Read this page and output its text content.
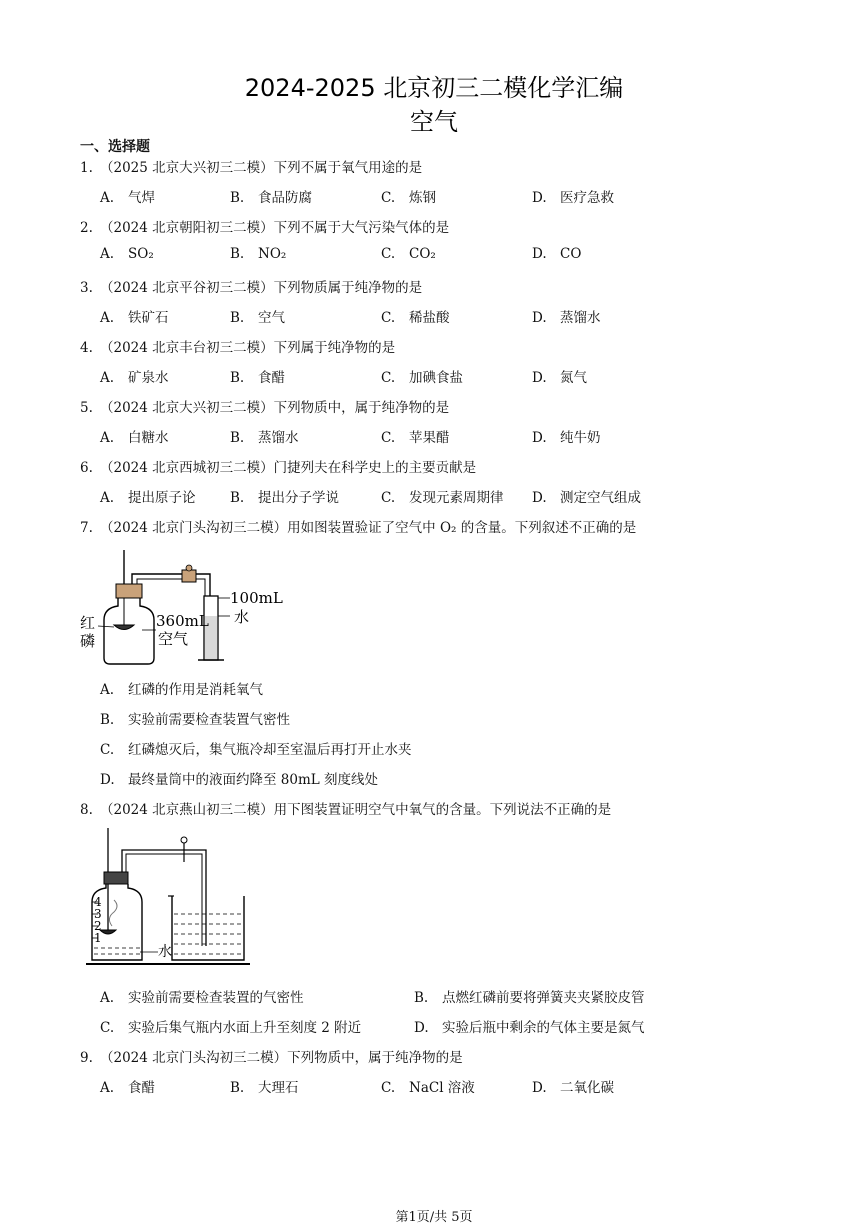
2024-2025 北京初三二模化学汇编
空气
一、选择题
1. （2025 北京大兴初三二模）下列不属于氧气用途的是
A. 气焊	B. 食品防腐	C. 炼钢	D. 医疗急救
2. （2024 北京朝阳初三二模）下列不属于大气污染气体的是
A. SO₂	B. NO₂	C. CO₂	D. CO
3. （2024 北京平谷初三二模）下列物质属于纯净物的是
A. 铁矿石	B. 空气	C. 稀盐酸	D. 蒸馏水
4. （2024 北京丰台初三二模）下列属于纯净物的是
A. 矿泉水	B. 食醋	C. 加碘食盐	D. 氮气
5. （2024 北京大兴初三二模）下列物质中，属于纯净物的是
A. 白糖水	B. 蒸馏水	C. 苹果醋	D. 纯牛奶
6. （2024 北京西城初三二模）门捷列夫在科学史上的主要贡献是
A. 提出原子论	B. 提出分子学说	C. 发现元素周期律 D. 测定空气组成
7. （2024 北京门头沟初三二模）用如图装置验证了空气中 O₂ 的含量。下列叙述不正确的是
红
磷
360mL
空气
100mL
水
A. 红磷的作用是消耗氧气
B. 实验前需要检查装置气密性
C. 红磷熄灭后，集气瓶冷却至室温后再打开止水夹
D. 最终量筒中的液面约降至 80mL 刻度线处
8. （2024 北京燕山初三二模）用下图装置证明空气中氧气的含量。下列说法不正确的是
4
3
2
1
水
A. 实验前需要检查装置的气密性	B. 点燃红磷前要将弹簧夹夹紧胶皮管
C. 实验后集气瓶内水面上升至刻度 2 附近	D. 实验后瓶中剩余的气体主要是氮气
9. （2024 北京门头沟初三二模）下列物质中，属于纯净物的是
A. 食醋	B. 大理石	C. NaCl 溶液	D. 二氧化碳
第1页/共 5页
